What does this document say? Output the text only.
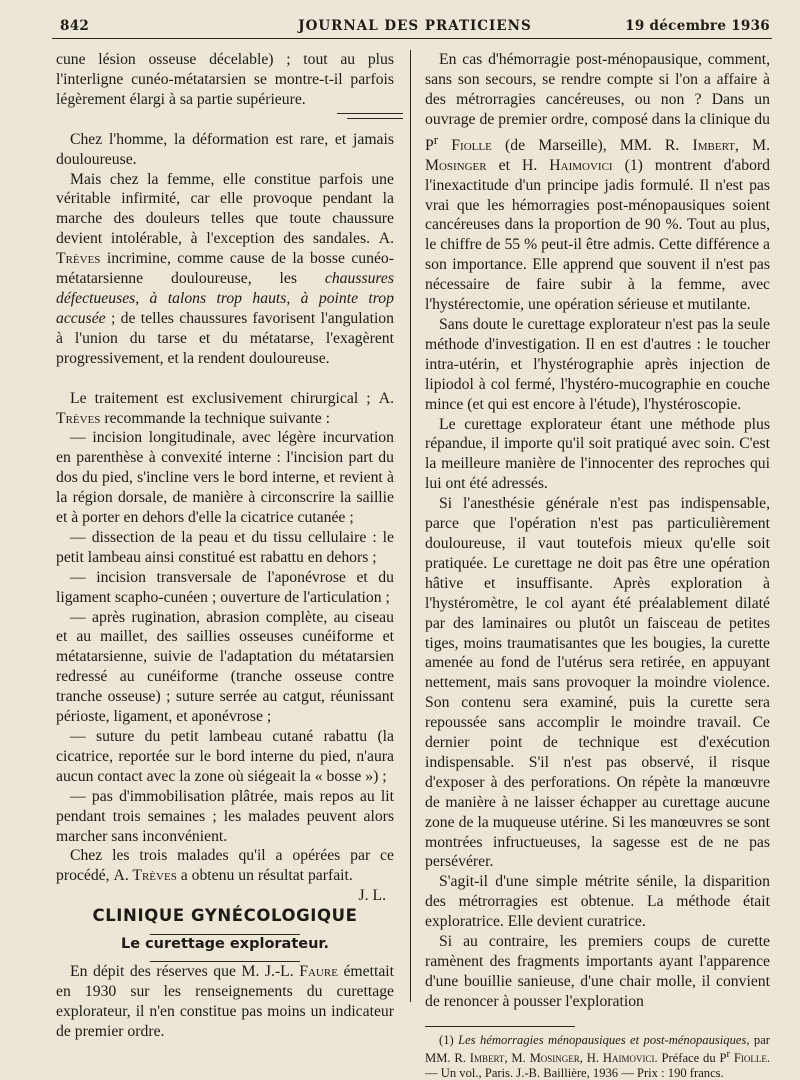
842	JOURNAL DES PRATICIENS	19 décembre 1936

cune lésion osseuse décelable) ; tout au plus l'interligne cunéo-métatarsien se montre-t-il parfois légèrement élargi à sa partie supérieure.

Chez l'homme, la déformation est rare, et jamais douloureuse.

Mais chez la femme, elle constitue parfois une véritable infirmité, car elle provoque pendant la marche des douleurs telles que toute chaussure devient intolérable, à l'exception des sandales. A. Trèves incrimine, comme cause de la bosse cunéo-métatarsienne douloureuse, les chaussures défectueuses, à talons trop hauts, à pointe trop accusée ; de telles chaussures favorisent l'angulation à l'union du tarse et du métatarse, l'exagèrent progressivement, et la rendent douloureuse.

Le traitement est exclusivement chirurgical ; A. Trèves recommande la technique suivante :

— incision longitudinale, avec légère incurvation en parenthèse à convexité interne : l'incision part du dos du pied, s'incline vers le bord interne, et revient à la région dorsale, de manière à circonscrire la saillie et à porter en dehors d'elle la cicatrice cutanée ;

— dissection de la peau et du tissu cellulaire : le petit lambeau ainsi constitué est rabattu en dehors ;

— incision transversale de l'aponévrose et du ligament scapho-cunéen ; ouverture de l'articulation ;

— après rugination, abrasion complète, au ciseau et au maillet, des saillies osseuses cunéiforme et métatarsienne, suivie de l'adaptation du métatarsien redressé au cunéiforme (tranche osseuse contre tranche osseuse) ; suture serrée au catgut, réunissant périoste, ligament, et aponévrose ;

— suture du petit lambeau cutané rabattu (la cicatrice, reportée sur le bord interne du pied, n'aura aucun contact avec la zone où siégeait la « bosse ») ;

— pas d'immobilisation plâtrée, mais repos au lit pendant trois semaines ; les malades peuvent alors marcher sans inconvénient.

Chez les trois malades qu'il a opérées par ce procédé, A. Trèves a obtenu un résultat parfait.

J. L.

CLINIQUE GYNÉCOLOGIQUE

Le curettage explorateur.

En dépit des réserves que M. J.-L. Faure émettait en 1930 sur les renseignements du curettage explorateur, il n'en constitue pas moins un indicateur de premier ordre.

En cas d'hémorragie post-ménopausique, comment, sans son secours, se rendre compte si l'on a affaire à des métrorragies cancéreuses, ou non ? Dans un ouvrage de premier ordre, composé dans la clinique du $P^r$ Fiolle (de Marseille), MM. R. Imbert, M. Mosinger et H. Haimovici (1) montrent d'abord l'inexactitude d'un principe jadis formulé. Il n'est pas vrai que les hémorragies post-ménopausiques soient cancéreuses dans la proportion de 90 %. Tout au plus, le chiffre de 55 % peut-il être admis. Cette différence a son importance. Elle apprend que souvent il n'est pas nécessaire de faire subir à la femme, avec l'hystérectomie, une opération sérieuse et mutilante.

Sans doute le curettage explorateur n'est pas la seule méthode d'investigation. Il en est d'autres : le toucher intra-utérin, et l'hystérographie après injection de lipiodol à col fermé, l'hystéro-mucographie en couche mince (et qui est encore à l'étude), l'hystéroscopie.

Le curettage explorateur étant une méthode plus répandue, il importe qu'il soit pratiqué avec soin. C'est la meilleure manière de l'innocenter des reproches qui lui ont été adressés.

Si l'anesthésie générale n'est pas indispensable, parce que l'opération n'est pas particulièrement douloureuse, il vaut toutefois mieux qu'elle soit pratiquée. Le curettage ne doit pas être une opération hâtive et insuffisante. Après exploration à l'hystéromètre, le col ayant été préalablement dilaté par des laminaires ou plutôt un faisceau de petites tiges, moins traumatisantes que les bougies, la curette amenée au fond de l'utérus sera retirée, en appuyant nettement, mais sans provoquer la moindre violence. Son contenu sera examiné, puis la curette sera repoussée sans accomplir le moindre travail. Ce dernier point de technique est d'exécution indispensable. S'il n'est pas observé, il risque d'exposer à des perforations. On répète la manœuvre de manière à ne laisser échapper au curettage aucune zone de la muqueuse utérine. Si les manœuvres se sont montrées infructueuses, la sagesse est de ne pas persévérer.

S'agit-il d'une simple métrite sénile, la disparition des métrorragies est obtenue. La méthode était exploratrice. Elle devient curatrice.

Si au contraire, les premiers coups de curette ramènent des fragments importants ayant l'apparence d'une bouillie sanieuse, d'une chair molle, il convient de renoncer à pousser l'exploration

(1) Les hémorragies ménopausiques et post-ménopausiques, par MM. R. Imbert, M. Mosinger, H. Haimovici. Préface du $P^r$ Fiolle. — Un vol., Paris. J.-B. Baillière, 1936 — Prix : 190 francs.
